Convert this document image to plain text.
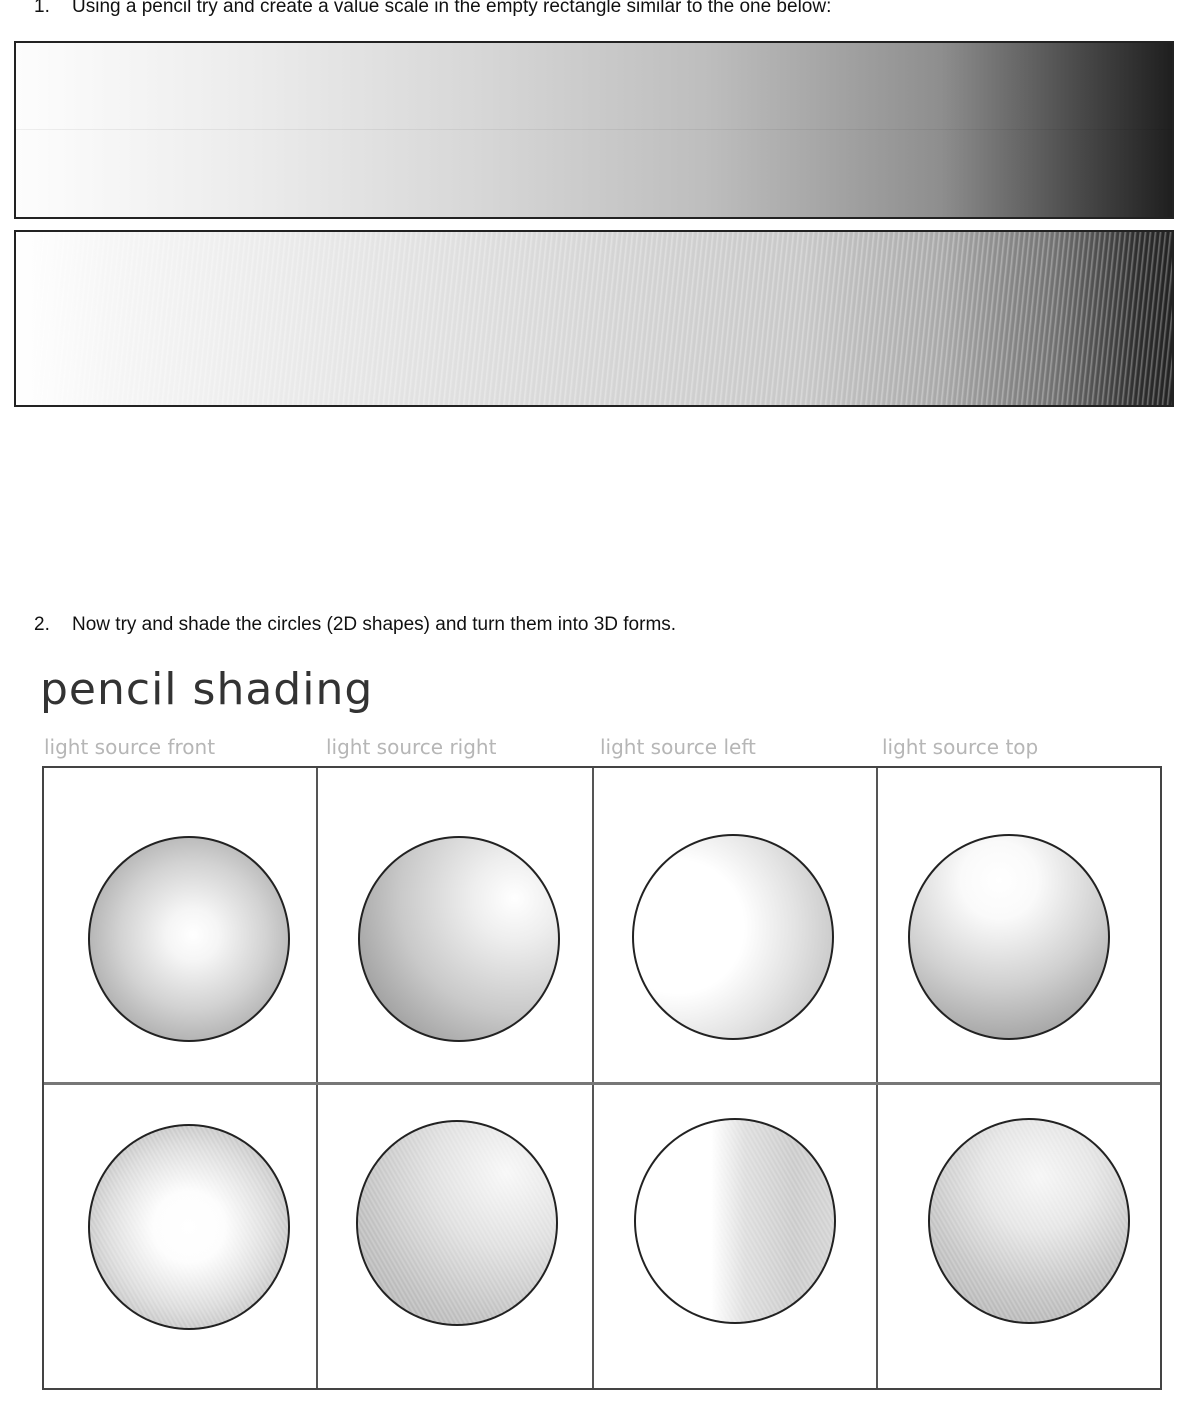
1. Using a pencil try and create a value scale in the empty rectangle similar to the one below:

2. Now try and shade the circles (2D shapes) and turn them into 3D forms.

pencil shading
light source front	light source right	light source left	light source top
